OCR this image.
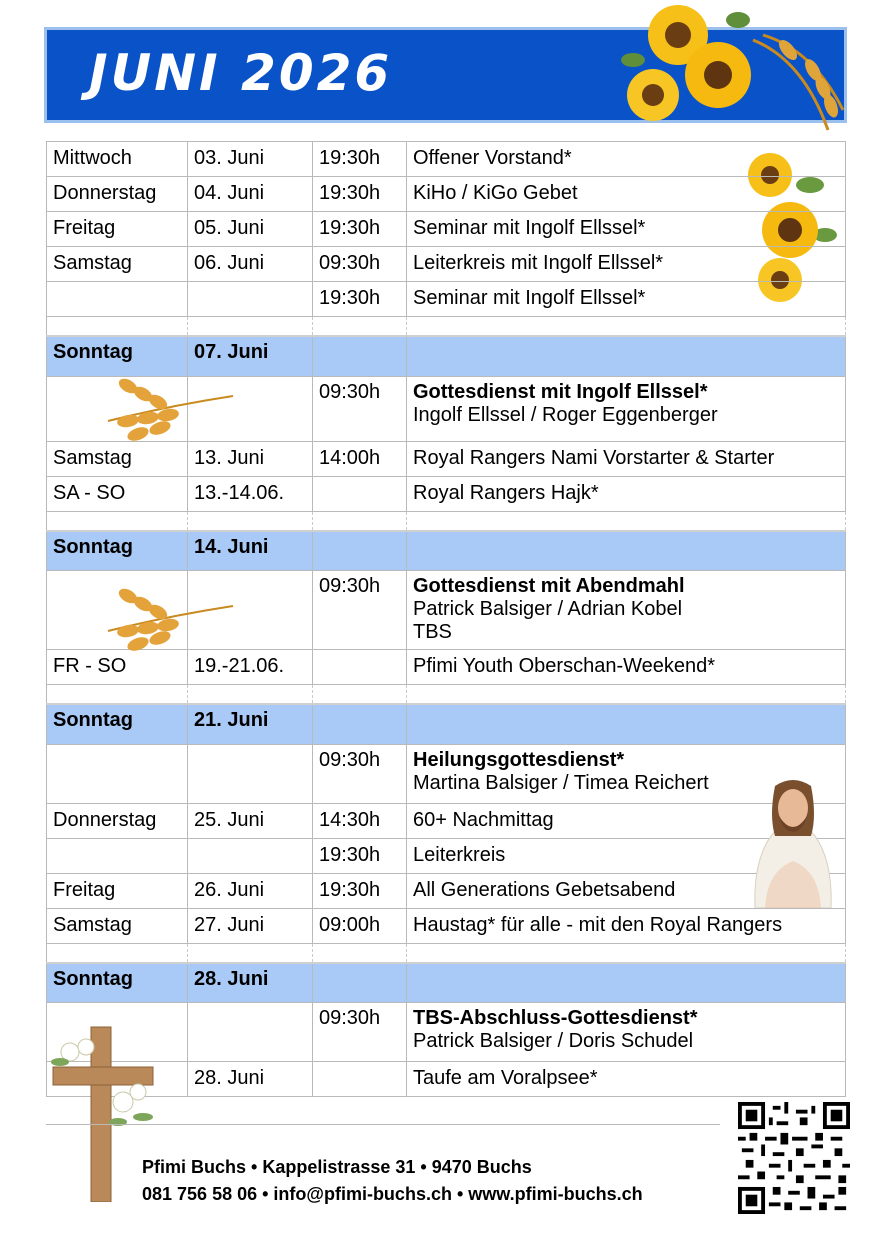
JUNI 2026
Mittwoch	03. Juni	19:30h	Offener Vorstand*
Donnerstag	04. Juni	19:30h	KiHo / KiGo Gebet
Freitag	05. Juni	19:30h	Seminar mit Ingolf Ellssel*
Samstag	06. Juni	09:30h	Leiterkreis mit Ingolf Ellssel*
		19:30h	Seminar mit Ingolf Ellssel*

Sonntag	07. Juni		
		09:30h	Gottesdienst mit Ingolf Ellssel*
Ingolf Ellssel / Roger Eggenberger

Samstag	13. Juni	14:00h	Royal Rangers Nami Vorstarter & Starter
SA - SO	13.-14.06.		Royal Rangers Hajk*

Sonntag	14. Juni		
		09:30h	Gottesdienst mit Abendmahl
Patrick Balsiger / Adrian Kobel
TBS

FR - SO	19.-21.06.		Pfimi Youth Oberschan-Weekend*

Sonntag	21. Juni		
		09:30h	Heilungsgottesdienst*
Martina Balsiger / Timea Reichert

Donnerstag	25. Juni	14:30h	60+ Nachmittag
		19:30h	Leiterkreis
Freitag	26. Juni	19:30h	All Generations Gebetsabend
Samstag	27. Juni	09:00h	Haustag* für alle - mit den Royal Rangers

Sonntag	28. Juni		
		09:30h	TBS-Abschluss-Gottesdienst*
Patrick Balsiger / Doris Schudel

	28. Juni		Taufe am Voralpsee*
Pfimi Buchs • Kappelistrasse 31 • 9470 Buchs
081 756 58 06 • info@pfimi-buchs.ch • www.pfimi-buchs.ch
